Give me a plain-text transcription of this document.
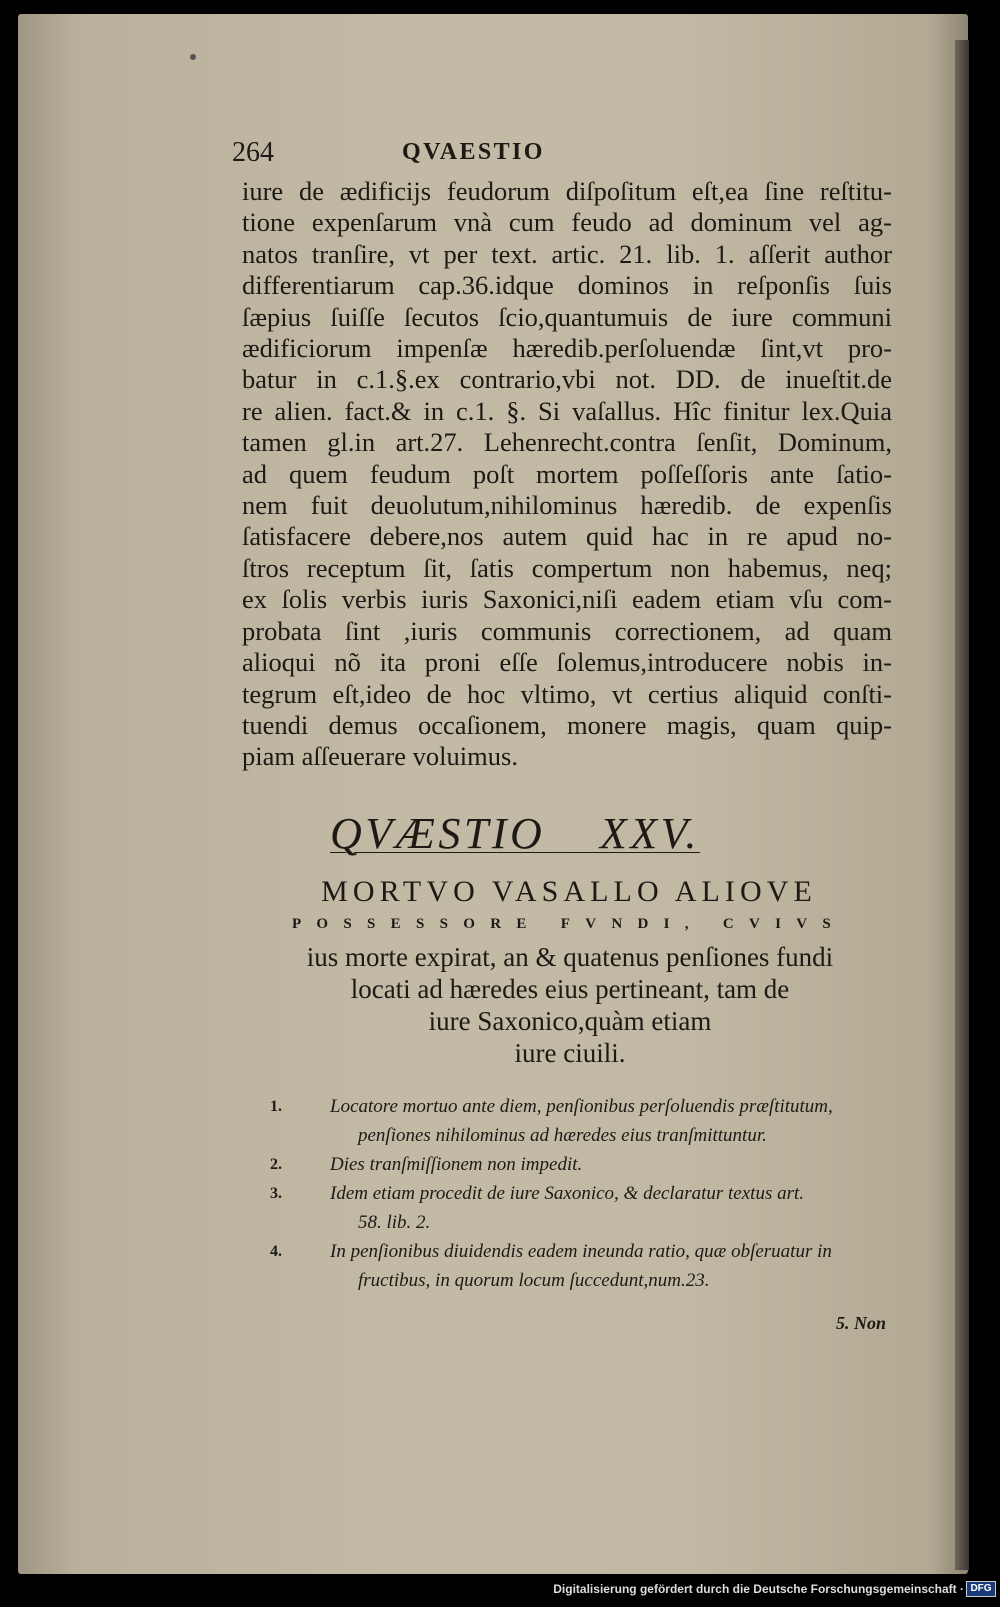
264	QVAESTIO
iure de ædificijs feudorum diſpoſitum eſt,ea ſine reſtitu-
tione expenſarum vnà cum feudo ad dominum vel ag-
natos tranſire, vt per text. artic. 21. lib. 1. aſſerit author
differentiarum cap.36.idque dominos in reſponſis ſuis
ſæpius ſuiſſe ſecutos ſcio,quantumuis de iure communi
ædificiorum impenſæ hæredib.perſoluendæ ſint,vt pro-
batur in c.1.§.ex contrario,vbi not. DD. de inueſtit.de
re alien. fact.& in c.1. §. Si vaſallus. Hîc finitur lex.Quia
tamen gl.in art.27. Lehenrecht.contra ſenſit, Dominum,
ad quem feudum poſt mortem poſſeſſoris ante ſatio-
nem fuit deuolutum,nihilominus hæredib. de expenſis
ſatisfacere debere,nos autem quid hac in re apud no-
ſtros receptum ſit, ſatis compertum non habemus, neq;
ex ſolis verbis iuris Saxonici,niſi eadem etiam vſu com-
probata ſint ,iuris communis correctionem, ad quam
alioqui nõ ita proni eſſe ſolemus,introducere nobis in-
tegrum eſt,ideo de hoc vltimo, vt certius aliquid conſti-
tuendi demus occaſionem, monere magis, quam quip-
piam aſſeuerare voluimus.
QVÆSTIO XXV.
MORTVO VASALLO ALIOVE
POSSESSORE FVNDI, CVIVS
ius morte expirat, an & quatenus penſiones fundi
locati ad hæredes eius pertineant, tam de
iure Saxonico,quàm etiam
iure ciuili.
1.	Locatore mortuo ante diem, penſionibus perſoluendis præſtitutum,
penſiones nihilominus ad hæredes eius tranſmittuntur.
2.	Dies tranſmiſſionem non impedit.
3.	Idem etiam procedit de iure Saxonico, & declaratur textus art.
58. lib. 2.
4.	In penſionibus diuidendis eadem ineunda ratio, quæ obſeruatur in
fructibus, in quorum locum ſuccedunt,num.23.
5. Non
Digitalisierung gefördert durch die Deutsche Forschungsgemeinschaft · DFG
